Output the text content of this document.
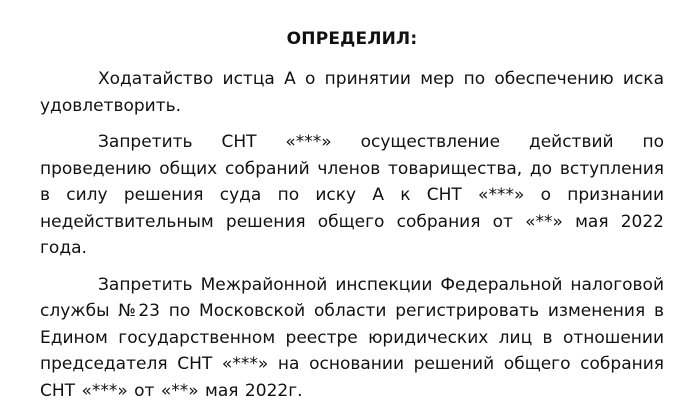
ОПРЕДЕЛИЛ:

Ходатайство истца А о принятии мер по обеспечению иска удовлетворить.

Запретить СНТ «***» осуществление действий по проведению общих собраний членов товарищества, до вступления в силу решения суда по иску А к СНТ «***» о признании недействительным решения общего собрания от «**» мая 2022 года.

Запретить Межрайонной инспекции Федеральной налоговой службы №23 по Московской области регистрировать изменения в Едином государственном реестре юридических лиц в отношении председателя СНТ «***» на основании решений общего собрания СНТ «***» от «**» мая 2022г.
